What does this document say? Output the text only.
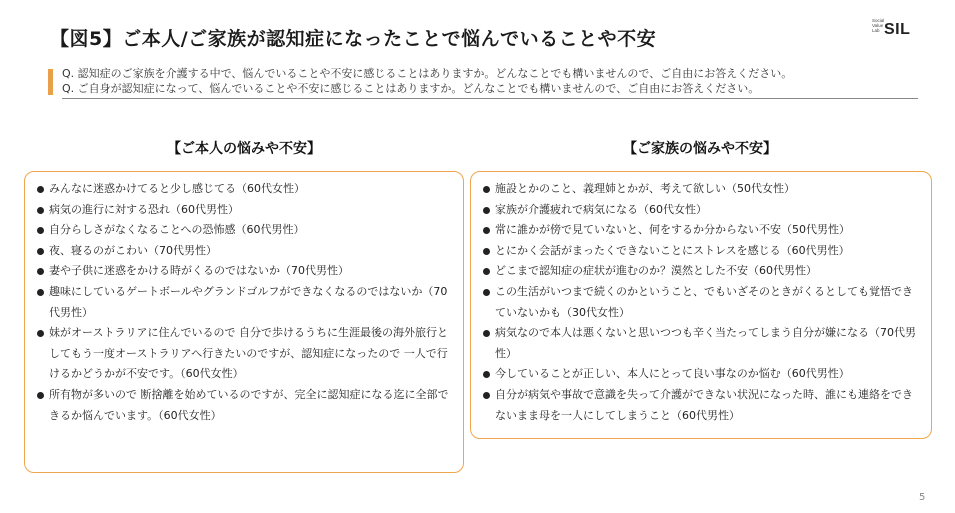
【図5】ご本人/ご家族が認知症になったことで悩んでいることや不安
Social
Value
Lab SIL
Q. 認知症のご家族を介護する中で、悩んでいることや不安に感じることはありますか。どんなことでも構いませんので、ご自由にお答えください。
Q. ご自身が認知症になって、悩んでいることや不安に感じることはありますか。どんなことでも構いませんので、ご自由にお答えください。
【ご本人の悩みや不安】	【ご家族の悩みや不安】
みんなに迷惑かけてると少し感じてる（60代女性）
病気の進行に対する恐れ（60代男性）
自分らしさがなくなることへの恐怖感（60代男性）
夜、寝るのがこわい（70代男性）
妻や子供に迷惑をかける時がくるのではないか（70代男性）
趣味にしているゲートボールやグランドゴルフができなくなるのではないか（70代男性）
妹がオーストラリアに住んでいるので 自分で歩けるうちに生涯最後の海外旅行としてもう一度オーストラリアへ行きたいのですが、認知症になったので 一人で行けるかどうかが不安です。（60代女性）
所有物が多いので 断捨離を始めているのですが、完全に認知症になる迄に全部できるか悩んでいます。（60代女性）
施設とかのこと、義理姉とかが、考えて欲しい（50代女性）
家族が介護疲れで病気になる（60代女性）
常に誰かが傍で見ていないと、何をするか分からない不安（50代男性）
とにかく会話がまったくできないことにストレスを感じる（60代男性）
どこまで認知症の症状が進むのか？漠然とした不安（60代男性）
この生活がいつまで続くのかということ、でもいざそのときがくるとしても覚悟できていないかも（30代女性）
病気なので本人は悪くないと思いつつも辛く当たってしまう自分が嫌になる（70代男性）
今していることが正しい、本人にとって良い事なのか悩む（60代男性）
自分が病気や事故で意識を失って介護ができない状況になった時、誰にも連絡をできないまま母を一人にしてしまうこと（60代男性）
5
